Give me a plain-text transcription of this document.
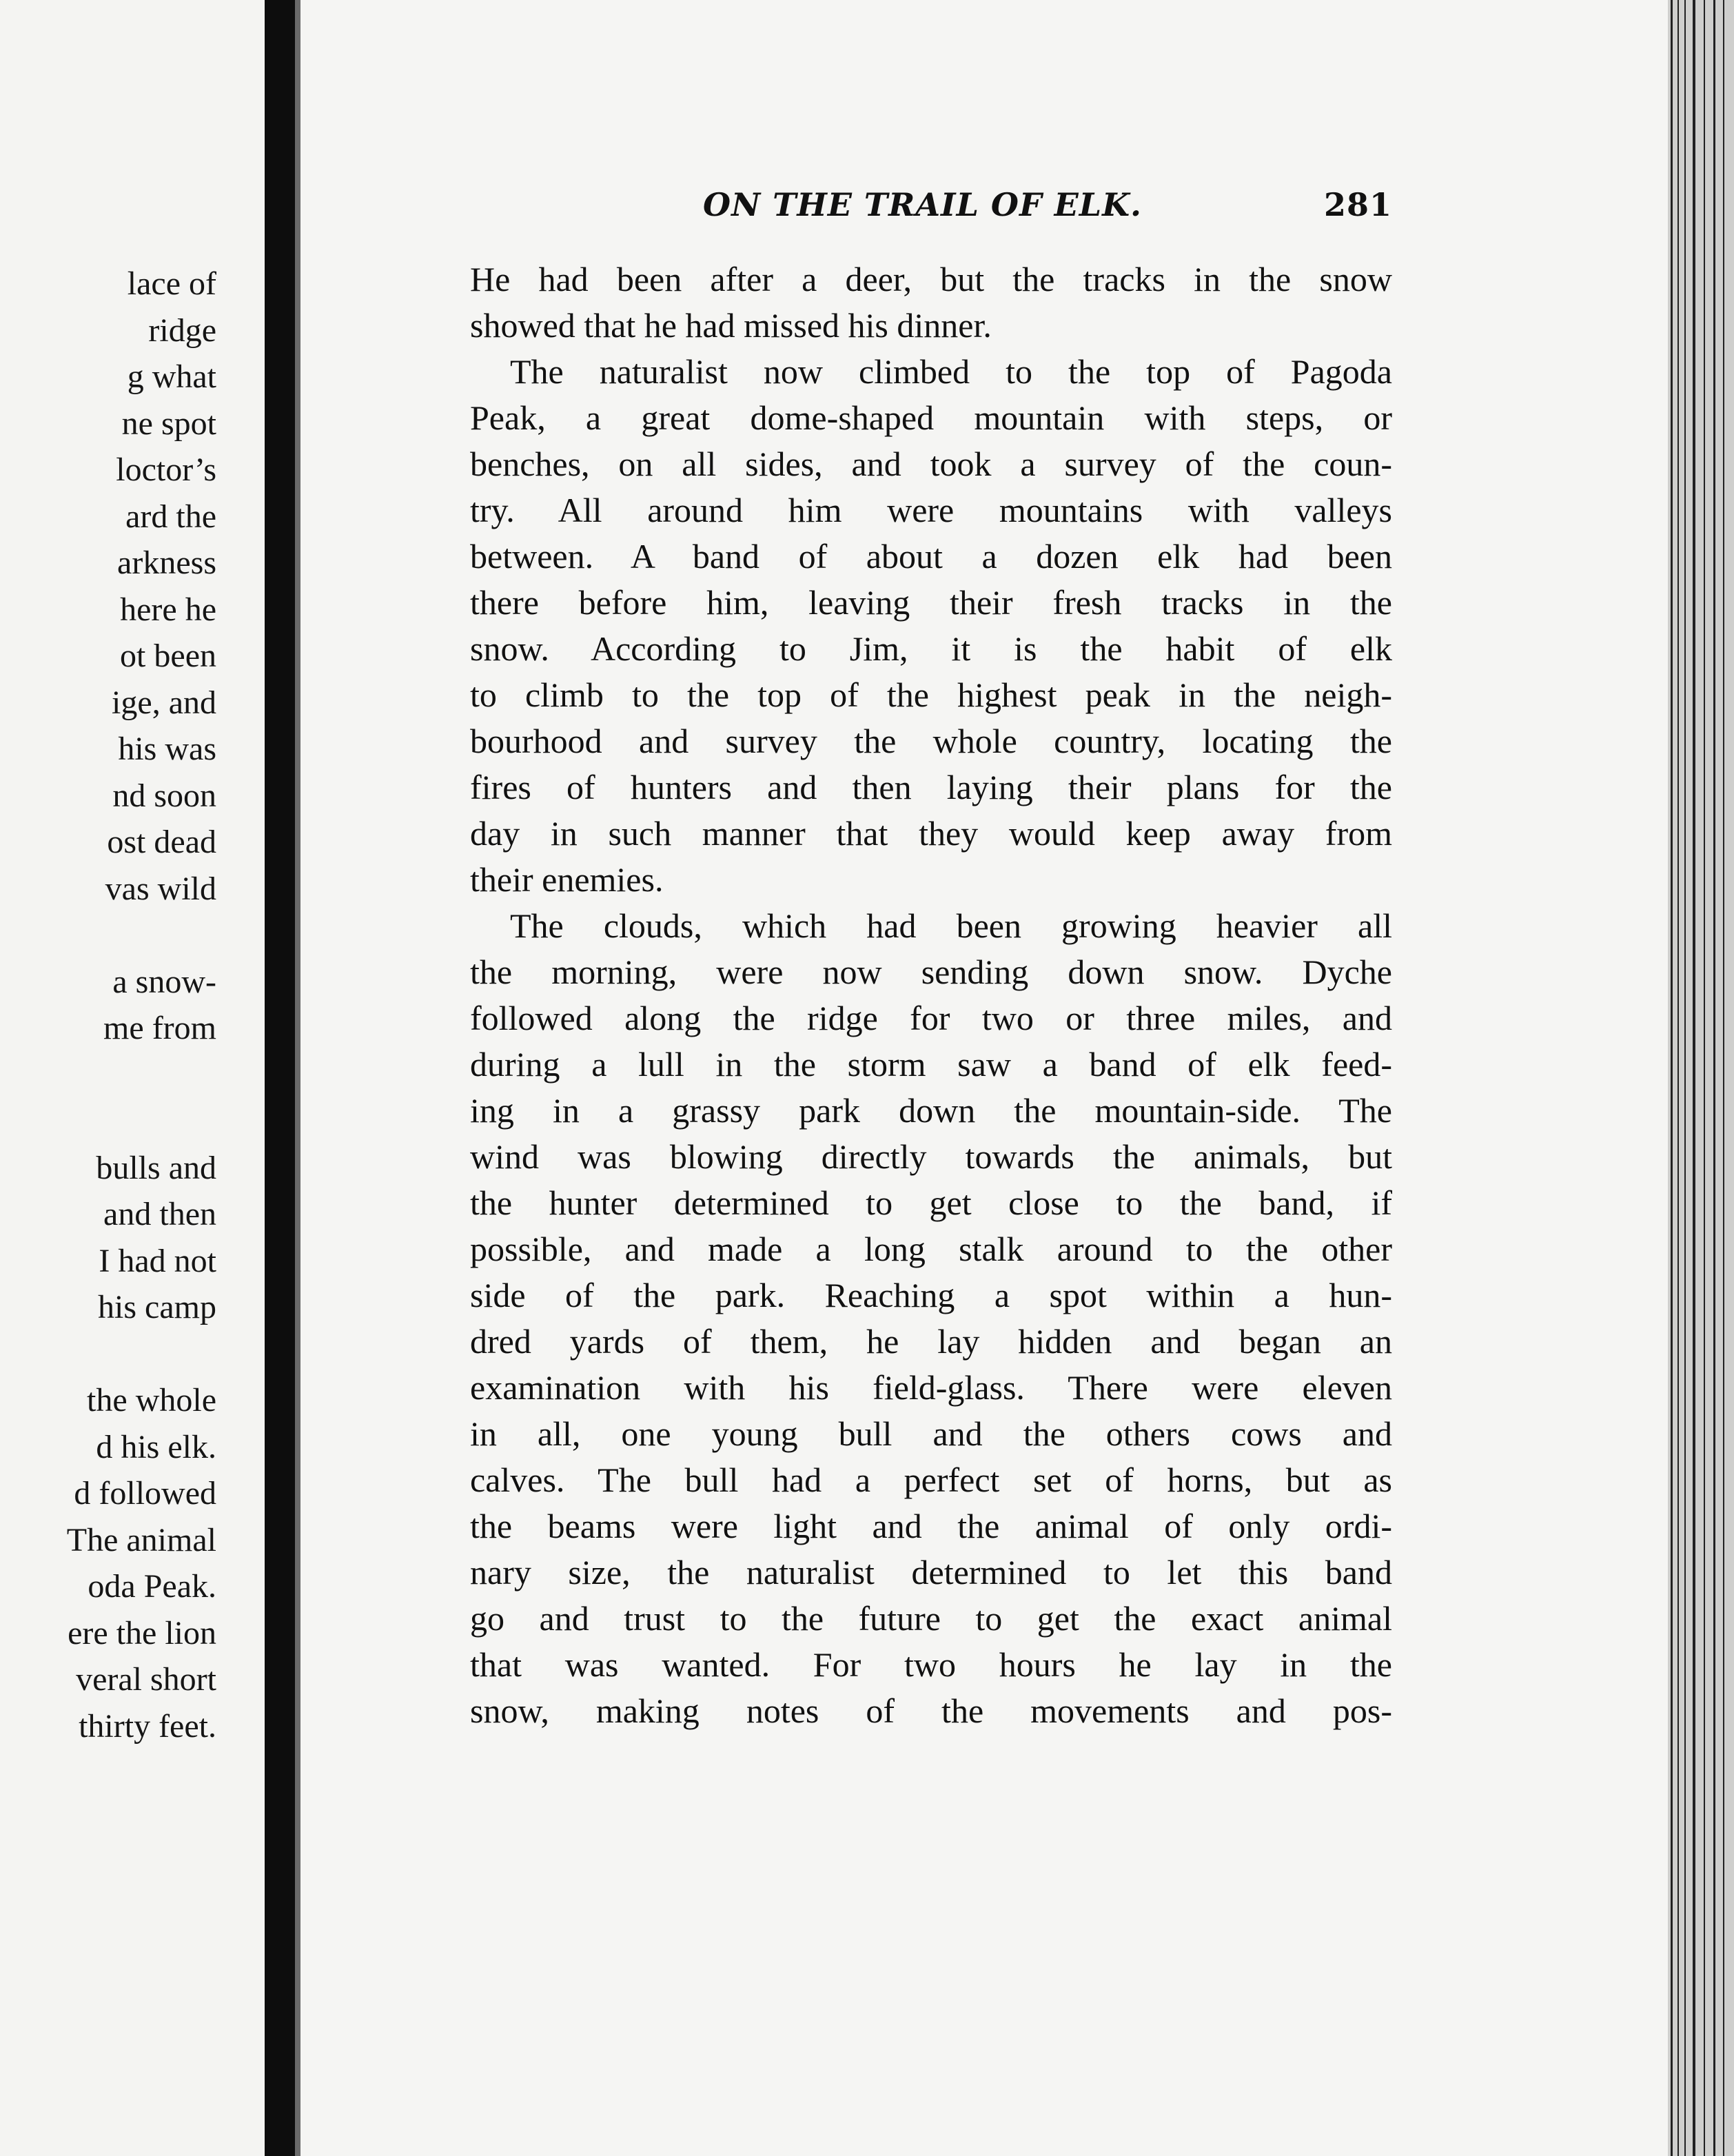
lace of
ridge
g what
ne spot
loctor’s
ard the
arkness
here he
ot been
ige, and
his was
nd soon
ost dead
vas wild
a snow-
me from
bulls and
and then
I had not
his camp
the whole
d his elk.
d followed
The animal
oda Peak.
ere the lion
veral short
thirty feet.
ON THE TRAIL OF ELK.	281
He had been after a deer, but the tracks in the snow
showed that he had missed his dinner.
The naturalist now climbed to the top of Pagoda
Peak, a great dome-shaped mountain with steps, or
benches, on all sides, and took a survey of the coun-
try. All around him were mountains with valleys
between. A band of about a dozen elk had been
there before him, leaving their fresh tracks in the
snow. According to Jim, it is the habit of elk
to climb to the top of the highest peak in the neigh-
bourhood and survey the whole country, locating the
fires of hunters and then laying their plans for the
day in such manner that they would keep away from
their enemies.
The clouds, which had been growing heavier all
the morning, were now sending down snow. Dyche
followed along the ridge for two or three miles, and
during a lull in the storm saw a band of elk feed-
ing in a grassy park down the mountain-side. The
wind was blowing directly towards the animals, but
the hunter determined to get close to the band, if
possible, and made a long stalk around to the other
side of the park. Reaching a spot within a hun-
dred yards of them, he lay hidden and began an
examination with his field-glass. There were eleven
in all, one young bull and the others cows and
calves. The bull had a perfect set of horns, but as
the beams were light and the animal of only ordi-
nary size, the naturalist determined to let this band
go and trust to the future to get the exact animal
that was wanted. For two hours he lay in the
snow, making notes of the movements and pos-
